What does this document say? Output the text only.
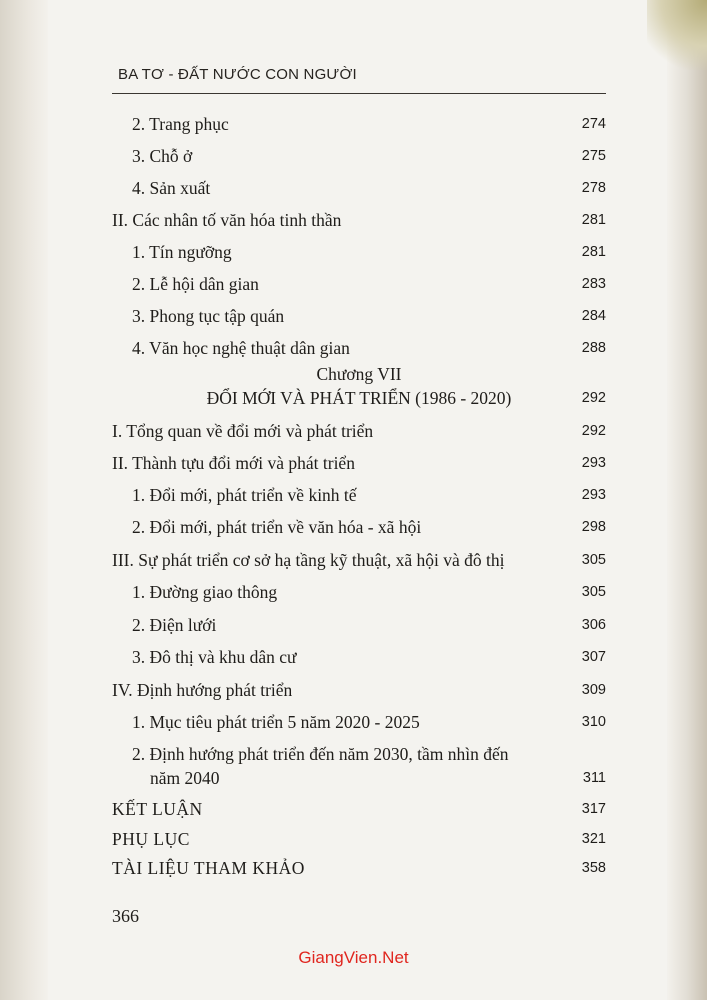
BA TƠ - ĐẤT NƯỚC CON NGƯỜI
2. Trang phục	274
3. Chỗ ở	275
4. Sản xuất	278
II. Các nhân tố văn hóa tinh thần	281
1. Tín ngưỡng	281
2. Lễ hội dân gian	283
3. Phong tục tập quán	284
4. Văn học nghệ thuật dân gian	288
Chương VII
ĐỔI MỚI VÀ PHÁT TRIỂN (1986 - 2020)	292
I. Tổng quan về đổi mới và phát triển	292
II. Thành tựu đổi mới và phát triển	293
1. Đổi mới, phát triển về kinh tế	293
2. Đổi mới, phát triển về văn hóa - xã hội	298
III. Sự phát triển cơ sở hạ tầng kỹ thuật, xã hội và đô thị	305
1. Đường giao thông	305
2. Điện lưới	306
3. Đô thị và khu dân cư	307
IV. Định hướng phát triển	309
1. Mục tiêu phát triển 5 năm 2020 - 2025	310
2. Định hướng phát triển đến năm 2030, tầm nhìn đến
năm 2040	311
KẾT LUẬN	317
PHỤ LỤC	321
TÀI LIỆU THAM KHẢO	358
366
GiangVien.Net
